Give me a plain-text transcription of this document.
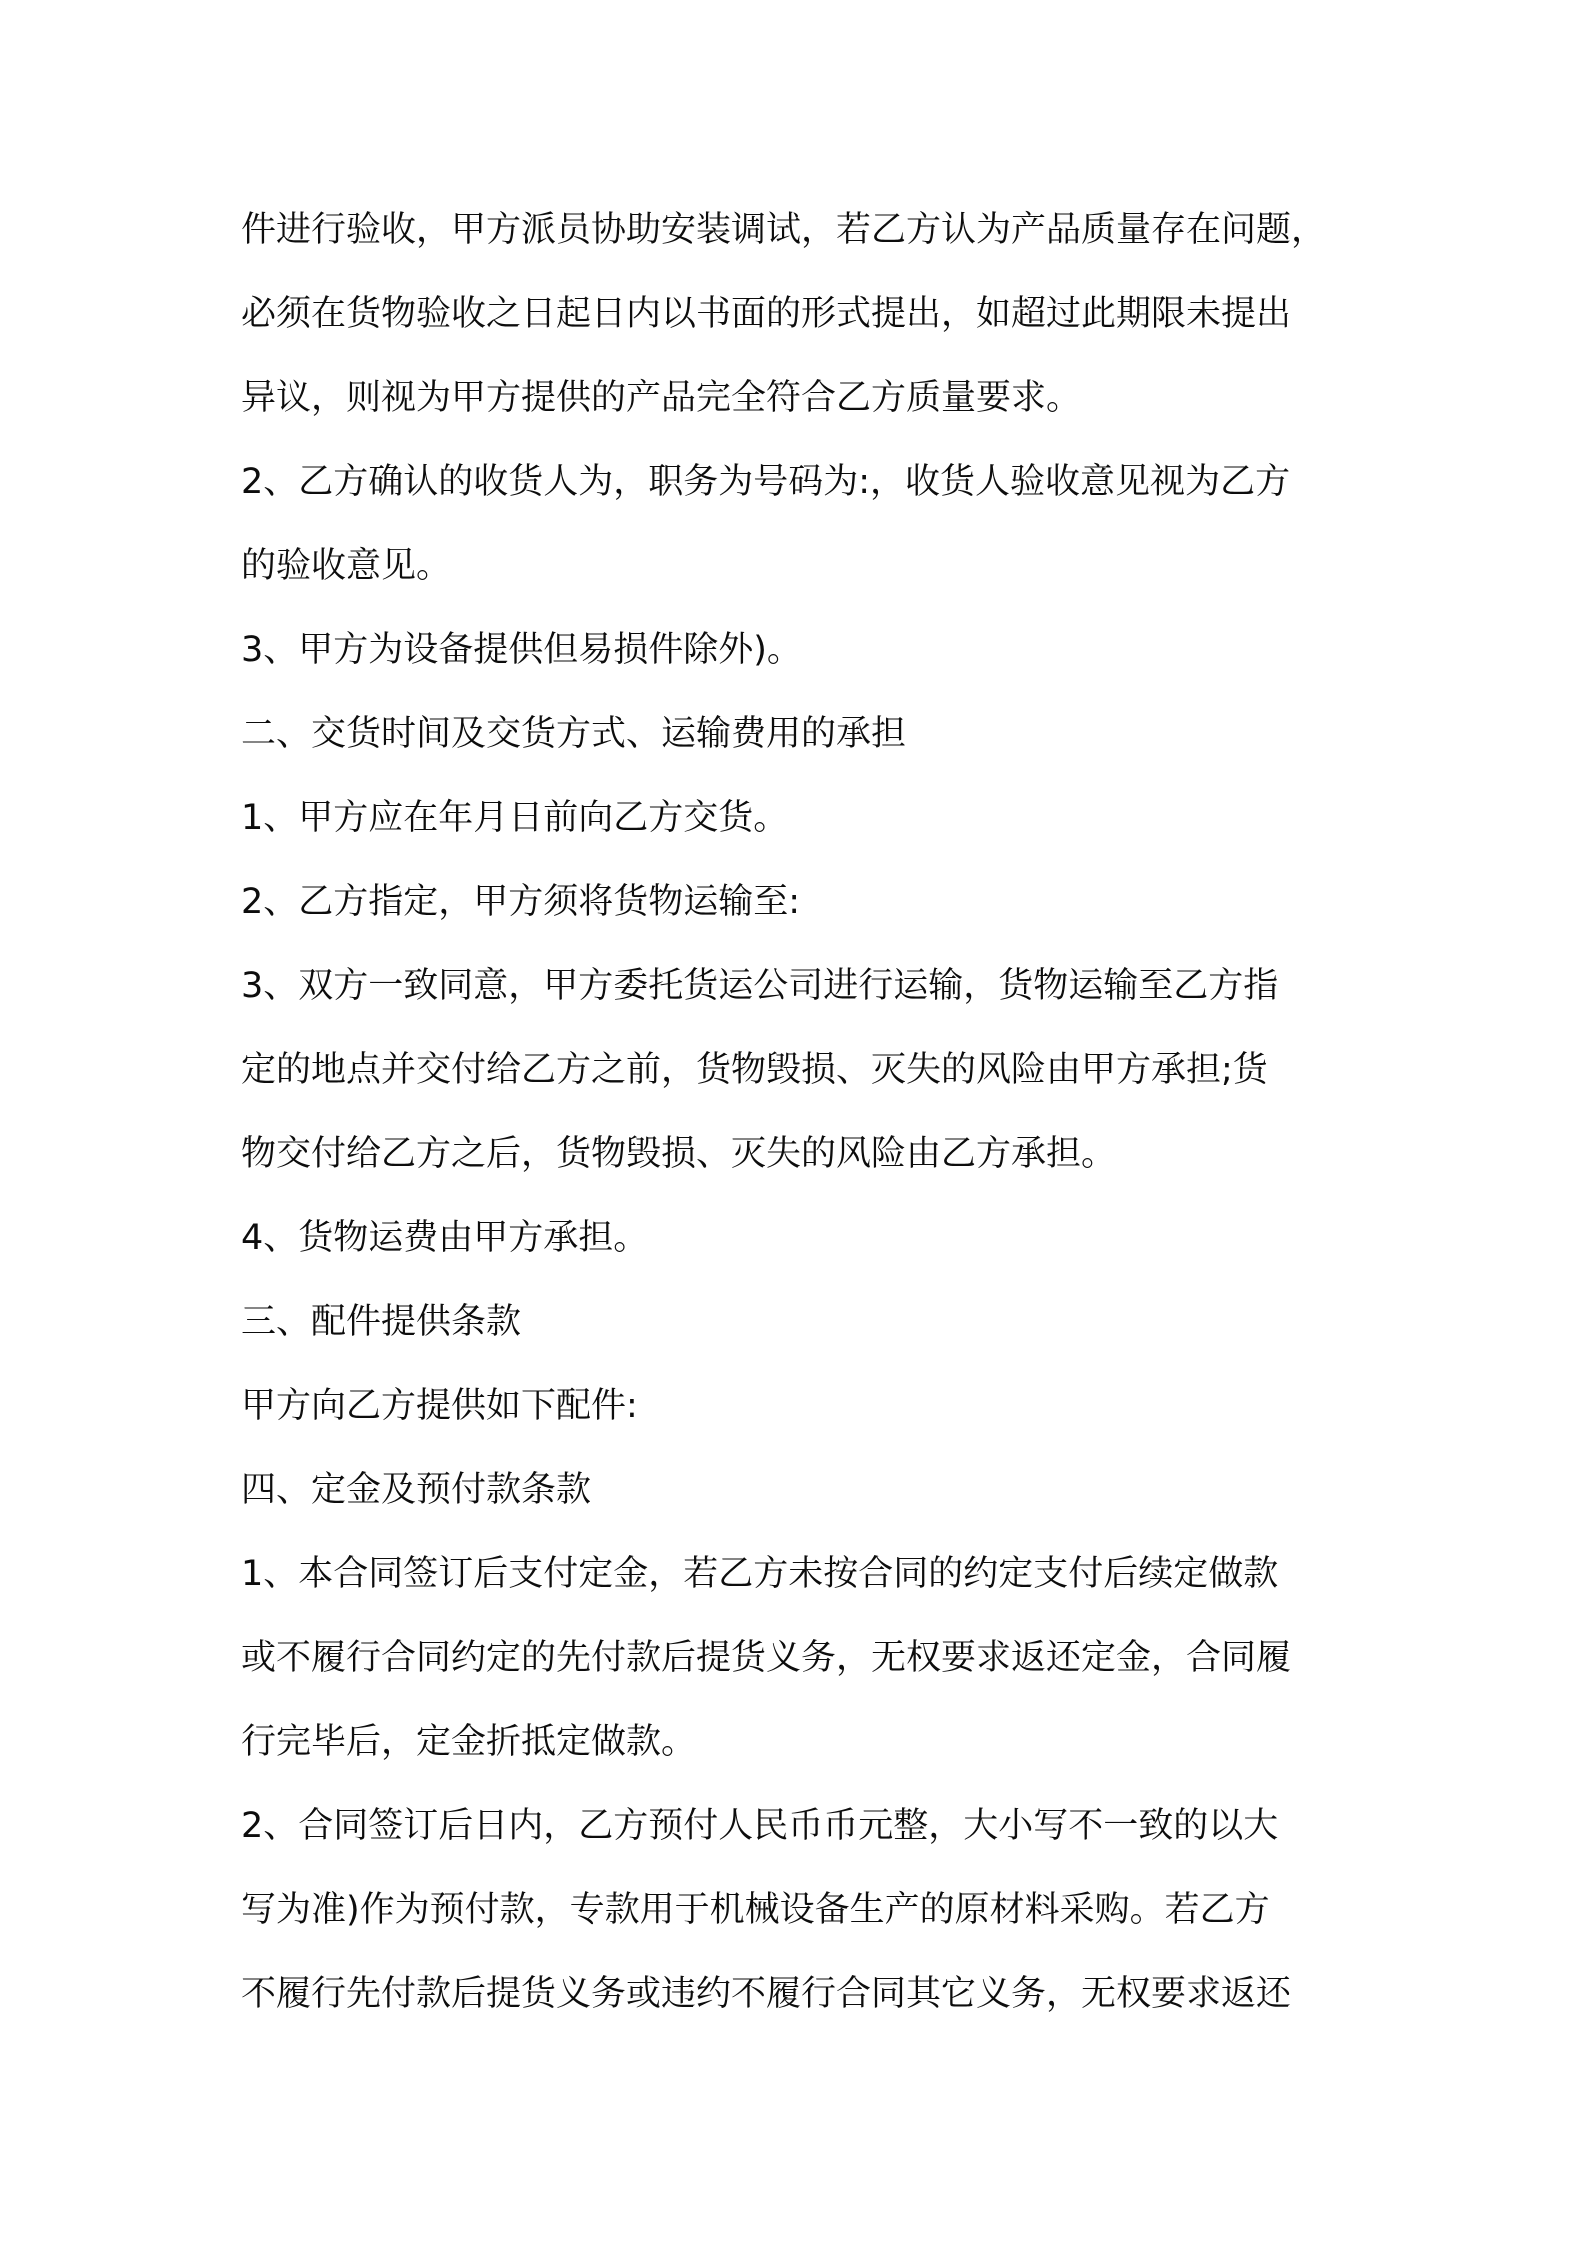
件进行验收，甲方派员协助安装调试，若乙方认为产品质量存在问题，
必须在货物验收之日起日内以书面的形式提出，如超过此期限未提出
异议，则视为甲方提供的产品完全符合乙方质量要求。
2、乙方确认的收货人为，职务为号码为:，收货人验收意见视为乙方
的验收意见。
3、甲方为设备提供但易损件除外)。
二、交货时间及交货方式、运输费用的承担
1、甲方应在年月日前向乙方交货。
2、乙方指定，甲方须将货物运输至:
3、双方一致同意，甲方委托货运公司进行运输，货物运输至乙方指
定的地点并交付给乙方之前，货物毁损、灭失的风险由甲方承担;货
物交付给乙方之后，货物毁损、灭失的风险由乙方承担。
4、货物运费由甲方承担。
三、配件提供条款
甲方向乙方提供如下配件:
四、定金及预付款条款
1、本合同签订后支付定金，若乙方未按合同的约定支付后续定做款
或不履行合同约定的先付款后提货义务，无权要求返还定金，合同履
行完毕后，定金折抵定做款。
2、合同签订后日内，乙方预付人民币币元整，大小写不一致的以大
写为准)作为预付款，专款用于机械设备生产的原材料采购。若乙方
不履行先付款后提货义务或违约不履行合同其它义务，无权要求返还
